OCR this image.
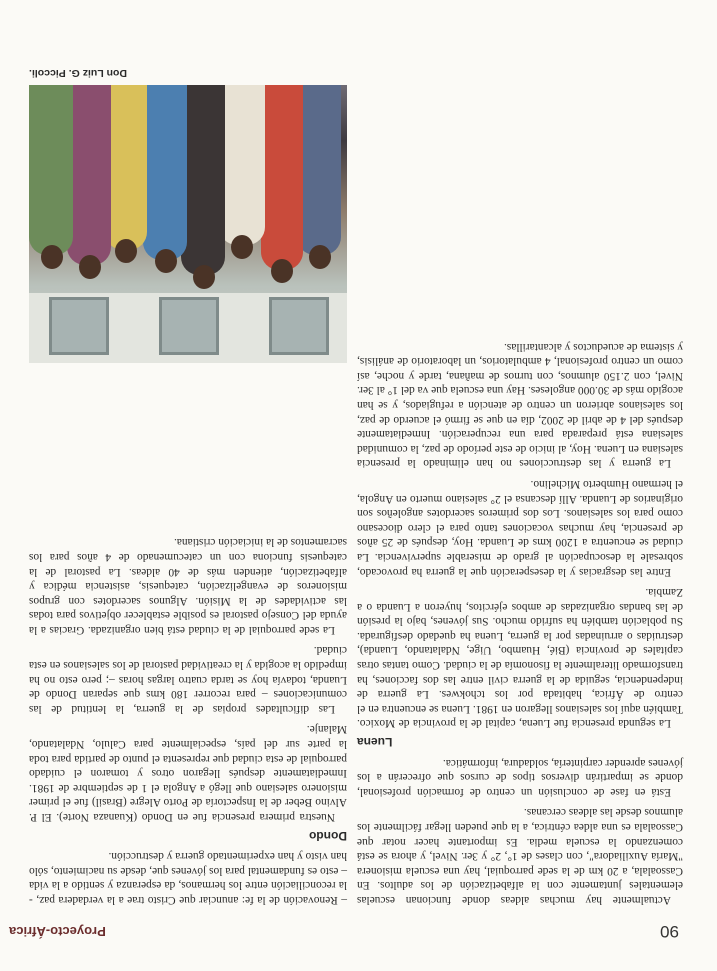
90
Proyecto-África

Actualmente hay muchas aldeas donde funcionan escuelas elementales juntamente con la alfabetización de los adultos. En Cassoalala, a 20 km de la sede parroquial, hay una escuela misionera "María Auxiliadora", con clases de 1°, 2° y 3er. Nivel, y ahora se está comenzando la escuela media. Es importante hacer notar que Cassoalala es una aldea céntrica, a la que pueden llegar fácilmente los alumnos desde las aldeas cercanas.

Está en fase de conclusión un centro de formación profesional, donde se impartirán diversos tipos de cursos que ofrecerán a los jóvenes aprender carpintería, soldadura, informática.

Luena

La segunda presencia fue Luena, capital de la provincia de Moxico. También aquí los salesianos llegaron en 1981. Luena se encuentra en el centro de África, habitada por los tchokwes. La guerra de independencia, seguida de la guerra civil entre las dos facciones, ha transformado literalmente la fisonomía de la ciudad. Como tantas otras capitales de provincia (Bié, Huambo, Uige, Ndalatando, Luanda), destruidas o arruinadas por la guerra, Luena ha quedado desfigurada. Su población también ha sufrido mucho. Sus jóvenes, bajo la presión de las bandas organizadas de ambos ejércitos, huyeron a Luanda o a Zambia.

Entre las desgracias y la desesperación que la guerra ha provocado, sobresale la desocupación al grado de miserable supervivencia. La ciudad se encuentra a 1200 kms de Luanda. Hoy, después de 25 años de presencia, hay muchas vocaciones tanto para el clero diocesano como para los salesianos. Los dos primeros sacerdotes angoleños son originarios de Luanda. Allí descansa el 2° salesiano muerto en Angola, el hermano Humberto Michelino.

La guerra y las destrucciones no han eliminado la presencia salesiana en Luena. Hoy, al inicio de este período de paz, la comunidad salesiana está preparada para una recuperación. Inmediatamente después del 4 de abril de 2002, día en que se firmó el acuerdo de paz, los salesianos abrieron un centro de atención a refugiados, y se han acogido más de 30.000 angoleses. Hay una escuela que va del 1° al 3er. Nivel, con 2.150 alumnos, con turnos de mañana, tarde y noche, así como un centro profesional, 4 ambulatorios, un laboratorio de análisis, y sistema de acueductos y alcantarillas.

– Renovación de la fe: anunciar que Cristo trae a la verdadera paz, - la reconciliación entre los hermanos, da esperanza y sentido a la vida – esto es fundamental para los jóvenes que, desde su nacimiento, sólo han visto y han experimentado guerra y destrucción.

Dondo

Nuestra primera presencia fue en Dondo (Kuanaza Norte). El P. Alvino Beber de la Inspectoría de Porto Alegre (Brasil) fue el primer misionero salesiano que llegó a Angola el 1 de septiembre de 1981. Inmediatamente después llegaron otros y tomaron el cuidado parroquial de esta ciudad que representa el punto de partida para toda la parte sur del país, especialmente para Calulo, Ndalatando, Malanje.

Las dificultades propias de la guerra, la lentitud de las comunicaciones – para recorrer 180 kms que separan Dondo de Luanda, todavía hoy se tarda cuatro largas horas –; pero esto no ha impedido la acogida y la creatividad pastoral de los salesianos en esta ciudad.

La sede parroquial de la ciudad está bien organizada. Gracias a la ayuda del Consejo pastoral es posible establecer objetivos para todas las actividades de la Misión. Algunos sacerdotes con grupos misioneros de evangelización, catequesis, asistencia médica y alfabetización, atienden más de 40 aldeas. La pastoral de la catequesis funciona con un catecumenado de 4 años para los sacramentos de la iniciación cristiana.

Don Luiz G. Piccoli.
